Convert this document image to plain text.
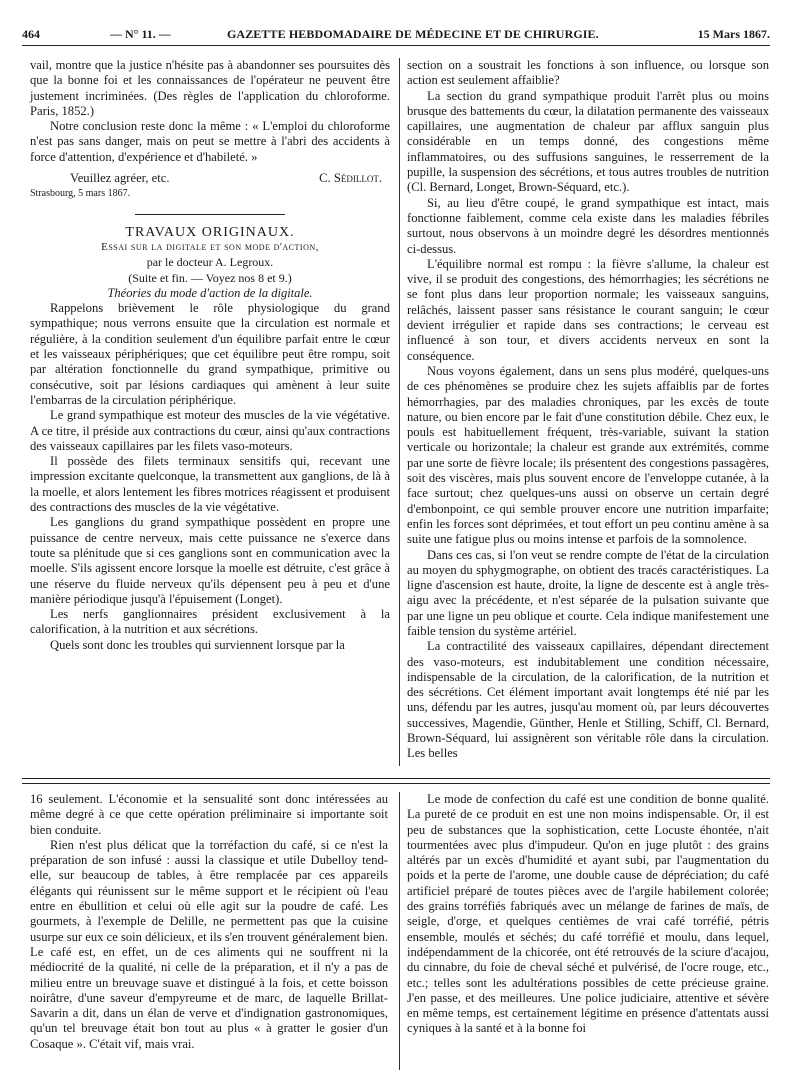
464	— N° 11. —	GAZETTE HEBDOMADAIRE DE MÉDECINE ET DE CHIRURGIE.	15 Mars 1867.

vail, montre que la justice n'hésite pas à abandonner ses poursuites dès que la bonne foi et les connaissances de l'opérateur ne peuvent être justement incriminées. (Des règles de l'application du chloroforme. Paris, 1852.)

Notre conclusion reste donc la même : « L'emploi du chloroforme n'est pas sans danger, mais on peut se mettre à l'abri des accidents à force d'attention, d'expérience et d'habileté. »

Veuillez agréer, etc.	C. Sédillot.

Strasbourg, 5 mars 1867.

TRAVAUX ORIGINAUX.

Essai sur la digitale et son mode d'action,

par le docteur A. Legroux.

(Suite et fin. — Voyez nos 8 et 9.)

Théories du mode d'action de la digitale.

Rappelons brièvement le rôle physiologique du grand sympathique; nous verrons ensuite que la circulation est normale et régulière, à la condition seulement d'un équilibre parfait entre le cœur et les vaisseaux périphériques; que cet équilibre peut être rompu, soit par altération fonctionnelle du grand sympathique, primitive ou consécutive, soit par lésions cardiaques qui amènent à leur suite l'embarras de la circulation périphérique.

Le grand sympathique est moteur des muscles de la vie végétative. A ce titre, il préside aux contractions du cœur, ainsi qu'aux contractions des vaisseaux capillaires par les filets vaso-moteurs.

Il possède des filets terminaux sensitifs qui, recevant une impression excitante quelconque, la transmettent aux ganglions, de là à la moelle, et alors lentement les fibres motrices réagissent et produisent des contractions des muscles de la vie végétative.

Les ganglions du grand sympathique possèdent en propre une puissance de centre nerveux, mais cette puissance ne s'exerce dans toute sa plénitude que si ces ganglions sont en communication avec la moelle. S'ils agissent encore lorsque la moelle est détruite, c'est grâce à une réserve du fluide nerveux qu'ils dépensent peu à peu et d'une manière périodique jusqu'à l'épuisement (Longet).

Les nerfs ganglionnaires président exclusivement à la calorification, à la nutrition et aux sécrétions.

Quels sont donc les troubles qui surviennent lorsque par la

section on a soustrait les fonctions à son influence, ou lorsque son action est seulement affaiblie?

La section du grand sympathique produit l'arrêt plus ou moins brusque des battements du cœur, la dilatation permanente des vaisseaux capillaires, une augmentation de chaleur par afflux sanguin plus considérable en un temps donné, des congestions même inflammatoires, ou des suffusions sanguines, le resserrement de la pupille, la suspension des sécrétions, et tous autres troubles de nutrition (Cl. Bernard, Longet, Brown-Séquard, etc.).

Si, au lieu d'être coupé, le grand sympathique est intact, mais fonctionne faiblement, comme cela existe dans les maladies fébriles surtout, nous observons à un moindre degré les désordres mentionnés ci-dessus.

L'équilibre normal est rompu : la fièvre s'allume, la chaleur est vive, il se produit des congestions, des hémorrhagies; les sécrétions ne se font plus dans leur proportion normale; les vaisseaux sanguins, relâchés, laissent passer sans résistance le courant sanguin; le cœur devient irrégulier et rapide dans ses contractions; le cerveau est influencé à son tour, et divers accidents nerveux en sont la conséquence.

Nous voyons également, dans un sens plus modéré, quelques-uns de ces phénomènes se produire chez les sujets affaiblis par de fortes hémorrhagies, par des maladies chroniques, par les excès de toute nature, ou bien encore par le fait d'une constitution débile. Chez eux, le pouls est habituellement fréquent, très-variable, suivant la station verticale ou horizontale; la chaleur est grande aux extrémités, comme par une sorte de fièvre locale; ils présentent des congestions passagères, soit des viscères, mais plus souvent encore de l'enveloppe cutanée, à la face surtout; chez quelques-uns aussi on observe un certain degré d'embonpoint, ce qui semble prouver encore une nutrition imparfaite; enfin les forces sont déprimées, et tout effort un peu continu amène à sa suite une fatigue plus ou moins intense et parfois de la somnolence.

Dans ces cas, si l'on veut se rendre compte de l'état de la circulation au moyen du sphygmographe, on obtient des tracés caractéristiques. La ligne d'ascension est haute, droite, la ligne de descente est à angle très-aigu avec la précédente, et n'est séparée de la pulsation suivante que par une ligne un peu oblique et courte. Cela indique manifestement une faible tension du système artériel.

La contractilité des vaisseaux capillaires, dépendant directement des vaso-moteurs, est indubitablement une condition nécessaire, indispensable de la circulation, de la calorification, de la nutrition et des sécrétions. Cet élément important avait longtemps été nié par les uns, défendu par les autres, jusqu'au moment où, par leurs découvertes successives, Magendie, Günther, Henle et Stilling, Schiff, Cl. Bernard, Brown-Séquard, lui assignèrent son véritable rôle dans la circulation. Les belles

16 seulement. L'économie et la sensualité sont donc intéressées au même degré à ce que cette opération préliminaire si importante soit bien conduite.

Rien n'est plus délicat que la torréfaction du café, si ce n'est la préparation de son infusé : aussi la classique et utile Dubelloy tend-elle, sur beaucoup de tables, à être remplacée par ces appareils élégants qui réunissent sur le même support et le récipient où l'eau entre en ébullition et celui où elle agit sur la poudre de café. Les gourmets, à l'exemple de Delille, ne permettent pas que la cuisine usurpe sur eux ce soin délicieux, et ils s'en trouvent généralement bien. Le café est, en effet, un de ces aliments qui ne souffrent ni la médiocrité de la qualité, ni celle de la préparation, et il n'y a pas de milieu entre un breuvage suave et distingué à la fois, et cette boisson noirâtre, d'une saveur d'empyreume et de marc, de laquelle Brillat-Savarin a dit, dans un élan de verve et d'indignation gastronomiques, qu'un tel breuvage était bon tout au plus « à gratter le gosier d'un Cosaque ». C'était vif, mais vrai.

Le mode de confection du café est une condition de bonne qualité. La pureté de ce produit en est une non moins indispensable. Or, il est peu de substances que la sophistication, cette Locuste éhontée, n'ait tourmentées avec plus d'impudeur. Qu'on en juge plutôt : des grains altérés par un excès d'humidité et ayant subi, par l'augmentation du poids et la perte de l'arome, une double cause de dépréciation; du café artificiel préparé de toutes pièces avec de l'argile habilement colorée; des grains torréfiés fabriqués avec un mélange de farines de maïs, de seigle, d'orge, et quelques centièmes de vrai café torréfié, pétris ensemble, moulés et séchés; du café torréfié et moulu, dans lequel, indépendamment de la chicorée, ont été retrouvés de la sciure d'acajou, du cinnabre, du foie de cheval séché et pulvérisé, de l'ocre rouge, etc., etc.; telles sont les adultérations possibles de cette précieuse graine. J'en passe, et des meilleures. Une police judiciaire, attentive et sévère en même temps, est certainement légitime en présence d'attentats aussi cyniques à la santé et à la bonne foi
